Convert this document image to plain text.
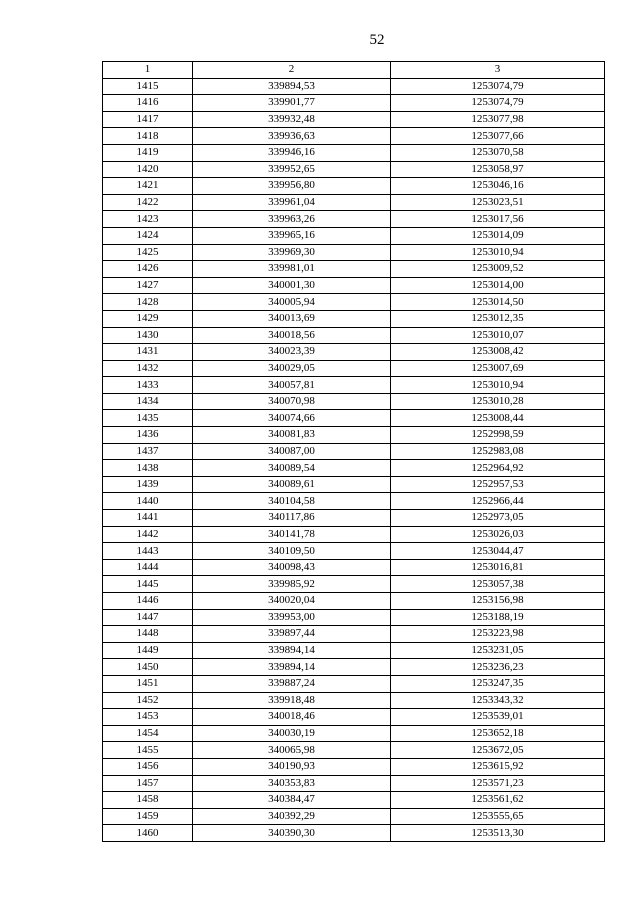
52
1	2	3
1415	339894,53	1253074,79
1416	339901,77	1253074,79
1417	339932,48	1253077,98
1418	339936,63	1253077,66
1419	339946,16	1253070,58
1420	339952,65	1253058,97
1421	339956,80	1253046,16
1422	339961,04	1253023,51
1423	339963,26	1253017,56
1424	339965,16	1253014,09
1425	339969,30	1253010,94
1426	339981,01	1253009,52
1427	340001,30	1253014,00
1428	340005,94	1253014,50
1429	340013,69	1253012,35
1430	340018,56	1253010,07
1431	340023,39	1253008,42
1432	340029,05	1253007,69
1433	340057,81	1253010,94
1434	340070,98	1253010,28
1435	340074,66	1253008,44
1436	340081,83	1252998,59
1437	340087,00	1252983,08
1438	340089,54	1252964,92
1439	340089,61	1252957,53
1440	340104,58	1252966,44
1441	340117,86	1252973,05
1442	340141,78	1253026,03
1443	340109,50	1253044,47
1444	340098,43	1253016,81
1445	339985,92	1253057,38
1446	340020,04	1253156,98
1447	339953,00	1253188,19
1448	339897,44	1253223,98
1449	339894,14	1253231,05
1450	339894,14	1253236,23
1451	339887,24	1253247,35
1452	339918,48	1253343,32
1453	340018,46	1253539,01
1454	340030,19	1253652,18
1455	340065,98	1253672,05
1456	340190,93	1253615,92
1457	340353,83	1253571,23
1458	340384,47	1253561,62
1459	340392,29	1253555,65
1460	340390,30	1253513,30
